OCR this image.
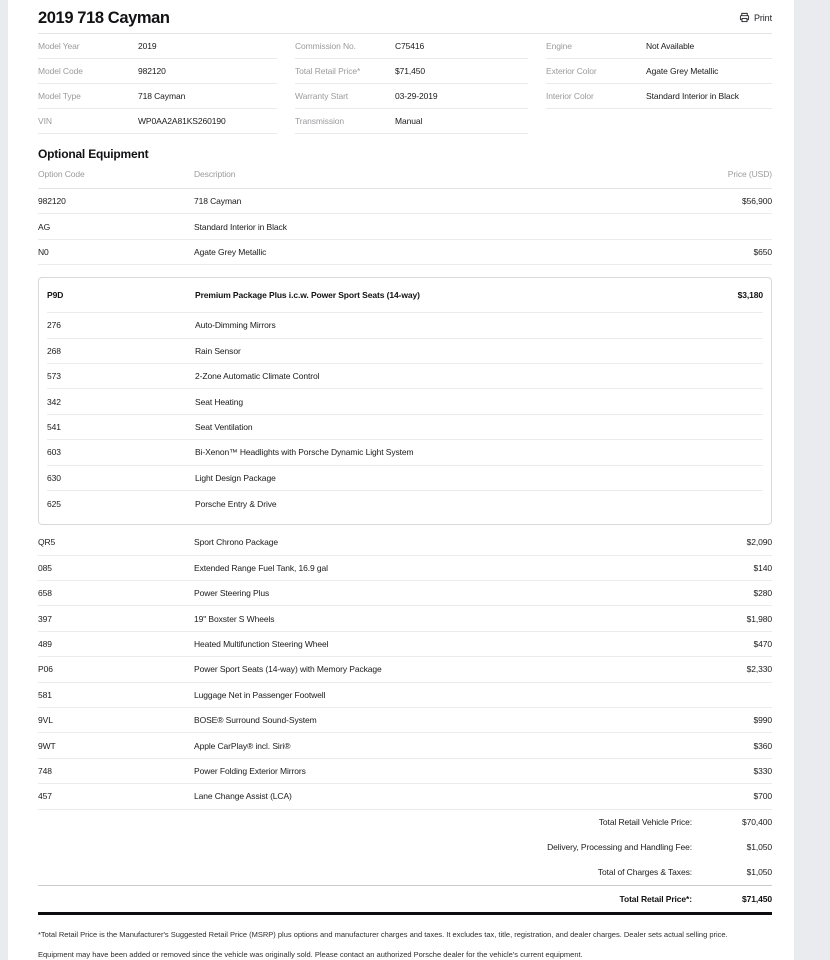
2019 718 Cayman	Print
Model Year	2019
Model Code	982120
Model Type	718 Cayman
VIN	WP0AA2A81KS260190
Commission No.	C75416
Total Retail Price*	$71,450
Warranty Start	03-29-2019
Transmission	Manual
Engine	Not Available
Exterior Color	Agate Grey Metallic
Interior Color	Standard Interior in Black
Optional Equipment
Option Code	Description	Price (USD)
982120	718 Cayman	$56,900
AG	Standard Interior in Black
N0	Agate Grey Metallic	$650
P9D	Premium Package Plus i.c.w. Power Sport Seats (14-way)	$3,180
276	Auto-Dimming Mirrors
268	Rain Sensor
573	2-Zone Automatic Climate Control
342	Seat Heating
541	Seat Ventilation
603	Bi-Xenon™ Headlights with Porsche Dynamic Light System
630	Light Design Package
625	Porsche Entry & Drive
QR5	Sport Chrono Package	$2,090
085	Extended Range Fuel Tank, 16.9 gal	$140
658	Power Steering Plus	$280
397	19" Boxster S Wheels	$1,980
489	Heated Multifunction Steering Wheel	$470
P06	Power Sport Seats (14-way) with Memory Package	$2,330
581	Luggage Net in Passenger Footwell
9VL	BOSE® Surround Sound-System	$990
9WT	Apple CarPlay® incl. Siri®	$360
748	Power Folding Exterior Mirrors	$330
457	Lane Change Assist (LCA)	$700
Total Retail Vehicle Price:	$70,400
Delivery, Processing and Handling Fee:	$1,050
Total of Charges & Taxes:	$1,050
Total Retail Price*:	$71,450
*Total Retail Price is the Manufacturer's Suggested Retail Price (MSRP) plus options and manufacturer charges and taxes. It excludes tax, title, registration, and dealer charges. Dealer sets actual selling price.
Equipment may have been added or removed since the vehicle was originally sold. Please contact an authorized Porsche dealer for the vehicle's current equipment.
